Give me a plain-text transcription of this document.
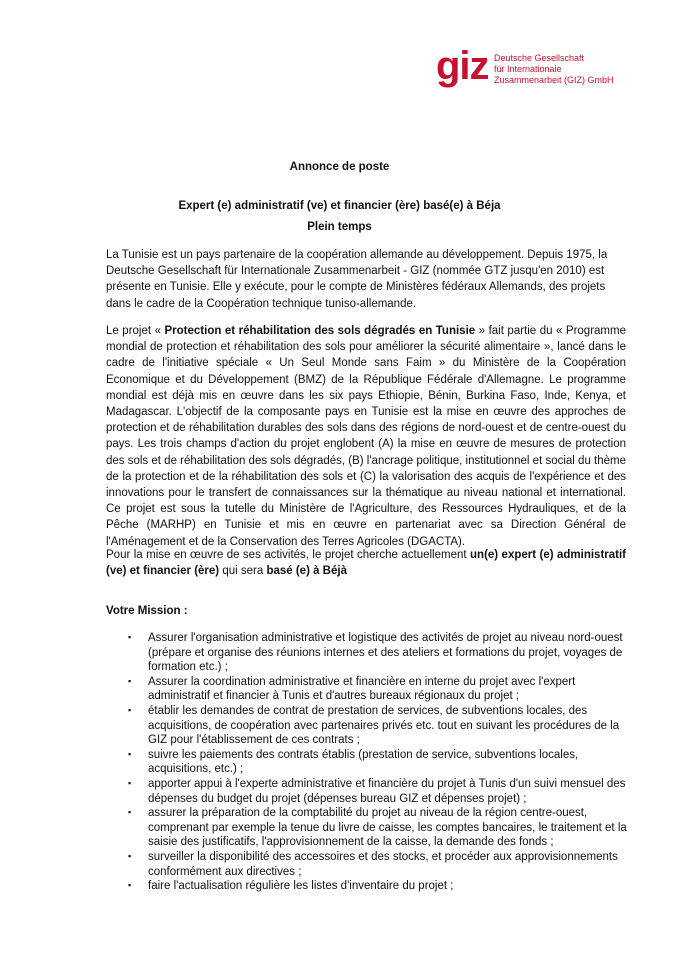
giz Deutsche Gesellschaft
für Internationale
Zusammenarbeit (GIZ) GmbH
Annonce de poste
Expert (e) administratif (ve) et financier (ère) basé(e) à Béja
Plein temps
La Tunisie est un pays partenaire de la coopération allemande au développement. Depuis 1975, la Deutsche Gesellschaft für Internationale Zusammenarbeit - GIZ (nommée GTZ jusqu'en 2010) est présente en Tunisie. Elle y exécute, pour le compte de Ministères fédéraux Allemands, des projets dans le cadre de la Coopération technique tuniso-allemande.
Le projet « Protection et réhabilitation des sols dégradés en Tunisie » fait partie du « Programme mondial de protection et réhabilitation des sols pour améliorer la sécurité alimentaire », lancé dans le cadre de l'initiative spéciale « Un Seul Monde sans Faim » du Ministère de la Coopération Economique et du Développement (BMZ) de la République Fédérale d'Allemagne. Le programme mondial est déjà mis en œuvre dans les six pays Ethiopie, Bénin, Burkina Faso, Inde, Kenya, et Madagascar. L'objectif de la composante pays en Tunisie est la mise en œuvre des approches de protection et de réhabilitation durables des sols dans des régions de nord-ouest et de centre-ouest du pays. Les trois champs d'action du projet englobent (A) la mise en œuvre de mesures de protection des sols et de réhabilitation des sols dégradés, (B) l'ancrage politique, institutionnel et social du thème de la protection et de la réhabilitation des sols et (C) la valorisation des acquis de l'expérience et des innovations pour le transfert de connaissances sur la thématique au niveau national et international. Ce projet est sous la tutelle du Ministère de l'Agriculture, des Ressources Hydrauliques, et de la Pêche (MARHP) en Tunisie et mis en œuvre en partenariat avec sa Direction Général de l'Aménagement et de la Conservation des Terres Agricoles (DGACTA).
Pour la mise en œuvre de ses activités, le projet cherche actuellement un(e) expert (e) administratif (ve) et financier (ère) qui sera basé (e) à Béjà
Votre Mission :
▪ Assurer l'organisation administrative et logistique des activités de projet au niveau nord-ouest (prépare et organise des réunions internes et des ateliers et formations du projet, voyages de formation etc.) ;
▪ Assurer la coordination administrative et financière en interne du projet avec l'expert administratif et financier à Tunis et d'autres bureaux régionaux du projet ;
▪ établir les demandes de contrat de prestation de services, de subventions locales, des acquisitions, de coopération avec partenaires privés etc. tout en suivant les procédures de la GIZ pour l'établissement de ces contrats ;
▪ suivre les paiements des contrats établis (prestation de service, subventions locales, acquisitions, etc.) ;
▪ apporter appui à l'experte administrative et financière du projet à Tunis d'un suivi mensuel des dépenses du budget du projet (dépenses bureau GIZ et dépenses projet) ;
▪ assurer la préparation de la comptabilité du projet au niveau de la région centre-ouest, comprenant par exemple la tenue du livre de caisse, les comptes bancaires, le traitement et la saisie des justificatifs, l'approvisionnement de la caisse, la demande des fonds ;
▪ surveiller la disponibilité des accessoires et des stocks, et procéder aux approvisionnements conformément aux directives ;
▪ faire l'actualisation régulière les listes d'inventaire du projet ;
